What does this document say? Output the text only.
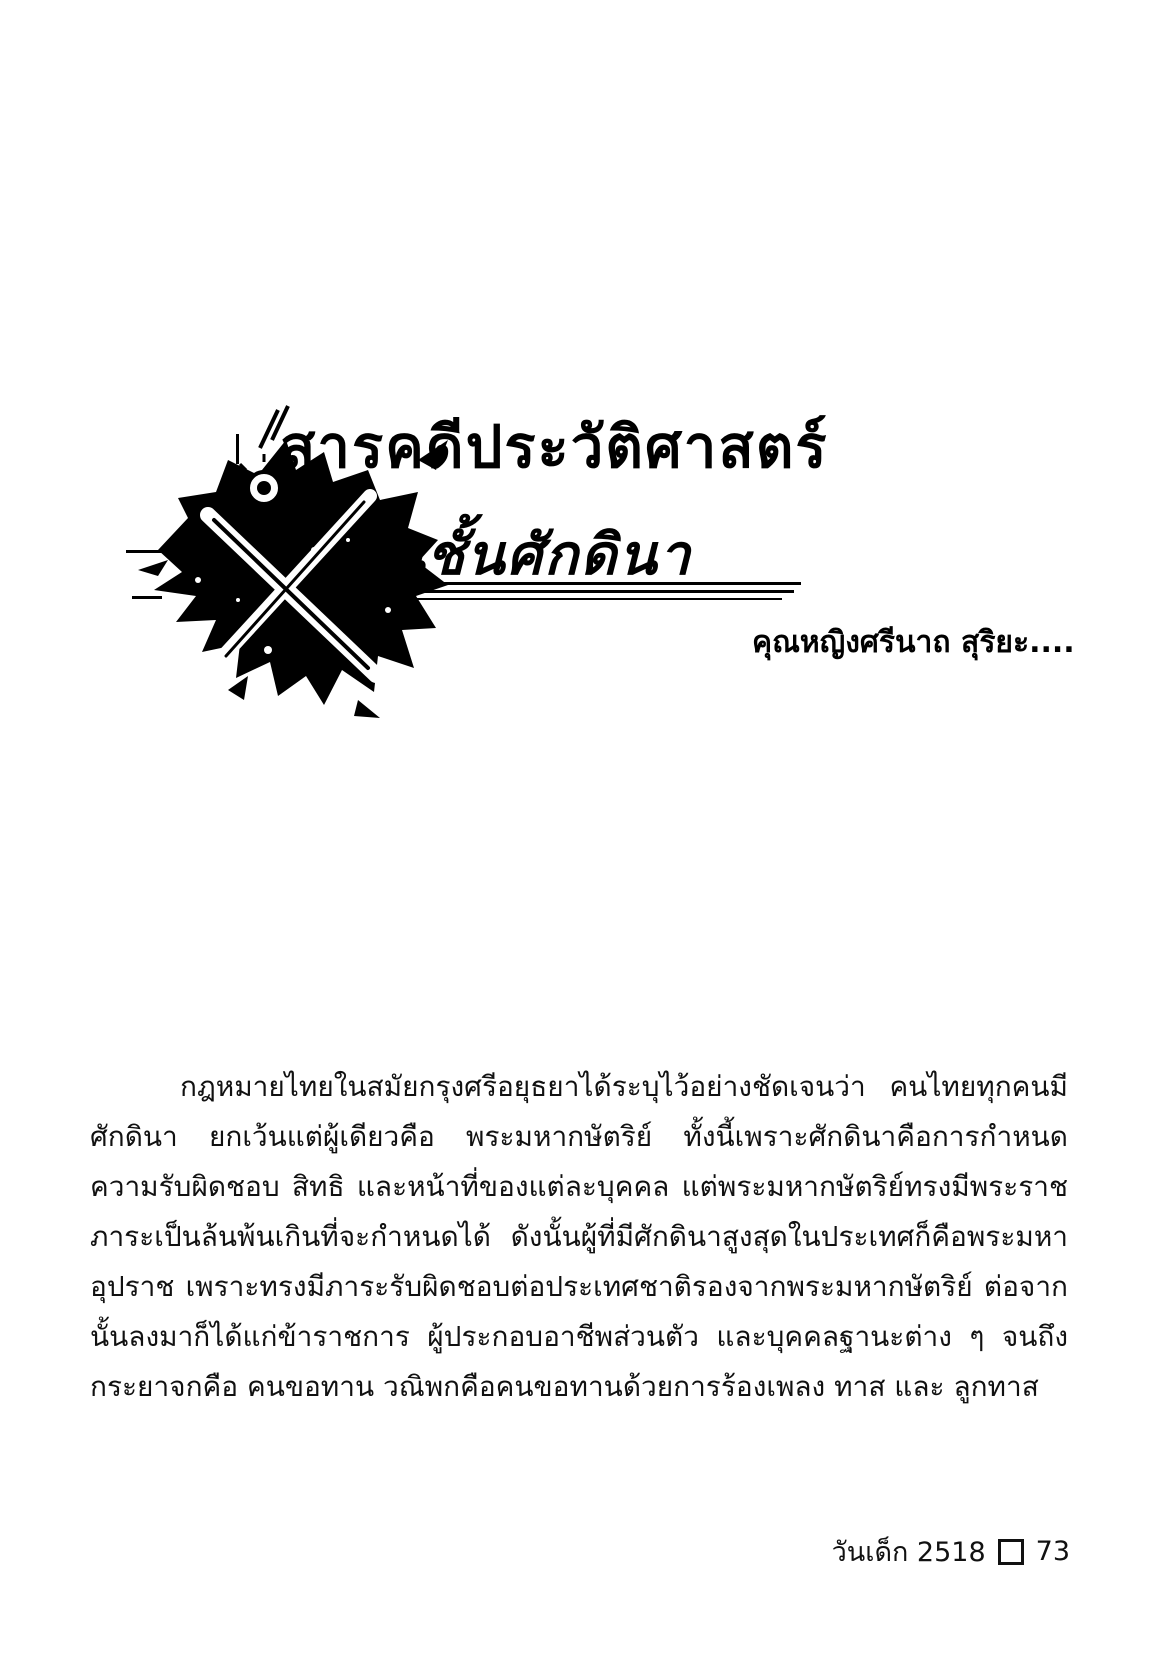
สารคดีประวัติศาสตร์
ชนชั้นศักดินา
คุณหญิงศรีนาถ สุริยะ....

กฎหมายไทยในสมัยกรุงศรีอยุธยาได้ระบุไว้อย่างชัดเจนว่า คนไทยทุกคนมีศักดินา ยกเว้นแต่ผู้เดียวคือ พระมหากษัตริย์ ทั้งนี้เพราะศักดินาคือการกำหนดความรับผิดชอบ สิทธิ และหน้าที่ของแต่ละบุคคล แต่พระมหากษัตริย์ทรงมีพระราชภาระเป็นล้นพ้นเกินที่จะกำหนดได้ ดังนั้นผู้ที่มีศักดินาสูงสุดในประเทศก็คือพระมหาอุปราช เพราะทรงมีภาระรับผิดชอบต่อประเทศชาติรองจากพระมหากษัตริย์ ต่อจากนั้นลงมาก็ได้แก่ข้าราชการ ผู้ประกอบอาชีพส่วนตัว และบุคคลฐานะต่าง ๆ จนถึงกระยาจกคือ คนขอทาน วณิพกคือคนขอทานด้วยการร้องเพลง ทาส และ ลูกทาส

วันเด็ก 2518 73
